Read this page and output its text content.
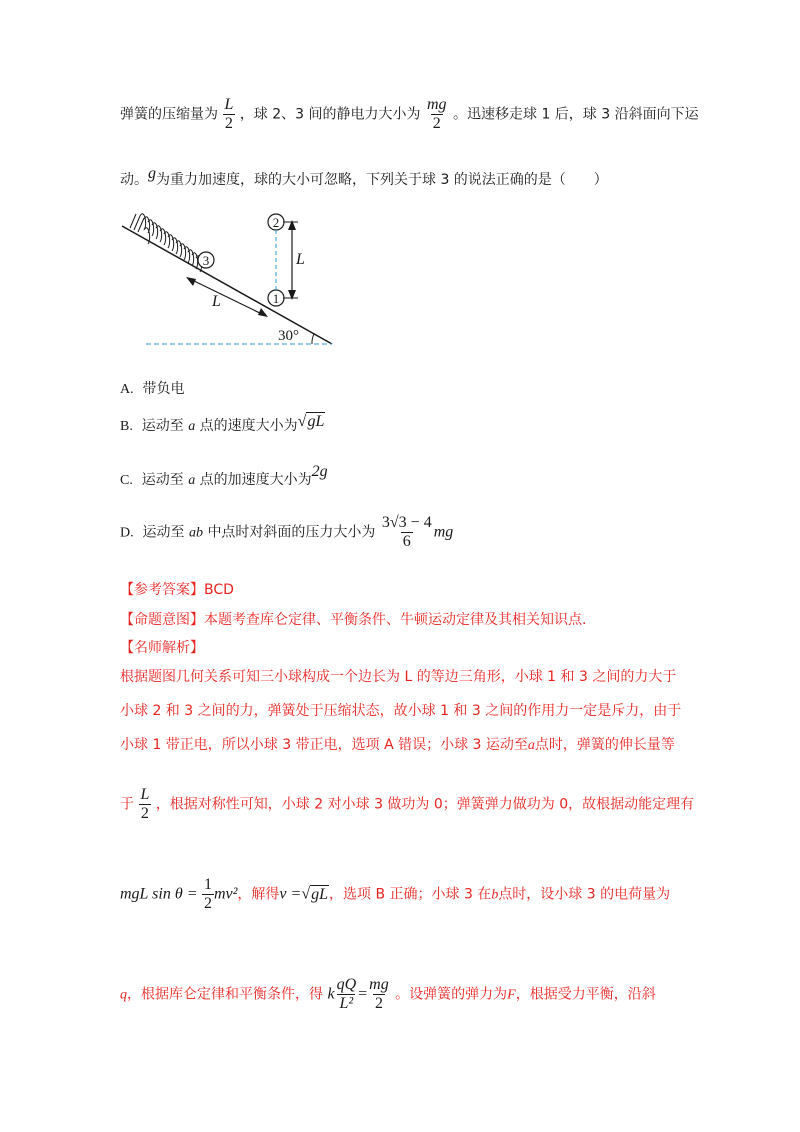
弹簧的压缩量为 $\frac{L}{2}$ ，球 2、3 间的静电力大小为 $\frac{mg}{2}$ 。迅速移走球 1 后，球 3 沿斜面向下运
动。g为重力加速度，球的大小可忽略，下列关于球 3 的说法正确的是（　　）
3
1
2
L
L
30°
A. 带负电
B. 运动至 a 点的速度大小为√gL
C. 运动至 a 点的加速度大小为2g
D. 运动至 ab 中点时对斜面的压力大小为 $\frac{3√3 - 4}{6}$ mg
【参考答案】BCD
【命题意图】本题考查库仑定律、平衡条件、牛顿运动定律及其相关知识点.
【名师解析】
根据题图几何关系可知三小球构成一个边长为 L 的等边三角形，小球 1 和 3 之间的力大于
小球 2 和 3 之间的力，弹簧处于压缩状态，故小球 1 和 3 之间的作用力一定是斥力，由于
小球 1 带正电，所以小球 3 带正电，选项 A 错误；小球 3 运动至a点时，弹簧的伸长量等
于 $\frac{L}{2}$ ，根据对称性可知，小球 2 对小球 3 做功为 0；弹簧弹力做功为 0，故根据动能定理有
mgL $\sin \theta = \frac{1}{2} mv^2$，解得v =√gL，选项 B 正确；小球 3 在b点时，设小球 3 的电荷量为
q，根据库仑定律和平衡条件，得 k $\frac{qQ}{\text{L²}} = \frac{mg}{2}$ 。设弹簧的弹力为F，根据受力平衡，沿斜
